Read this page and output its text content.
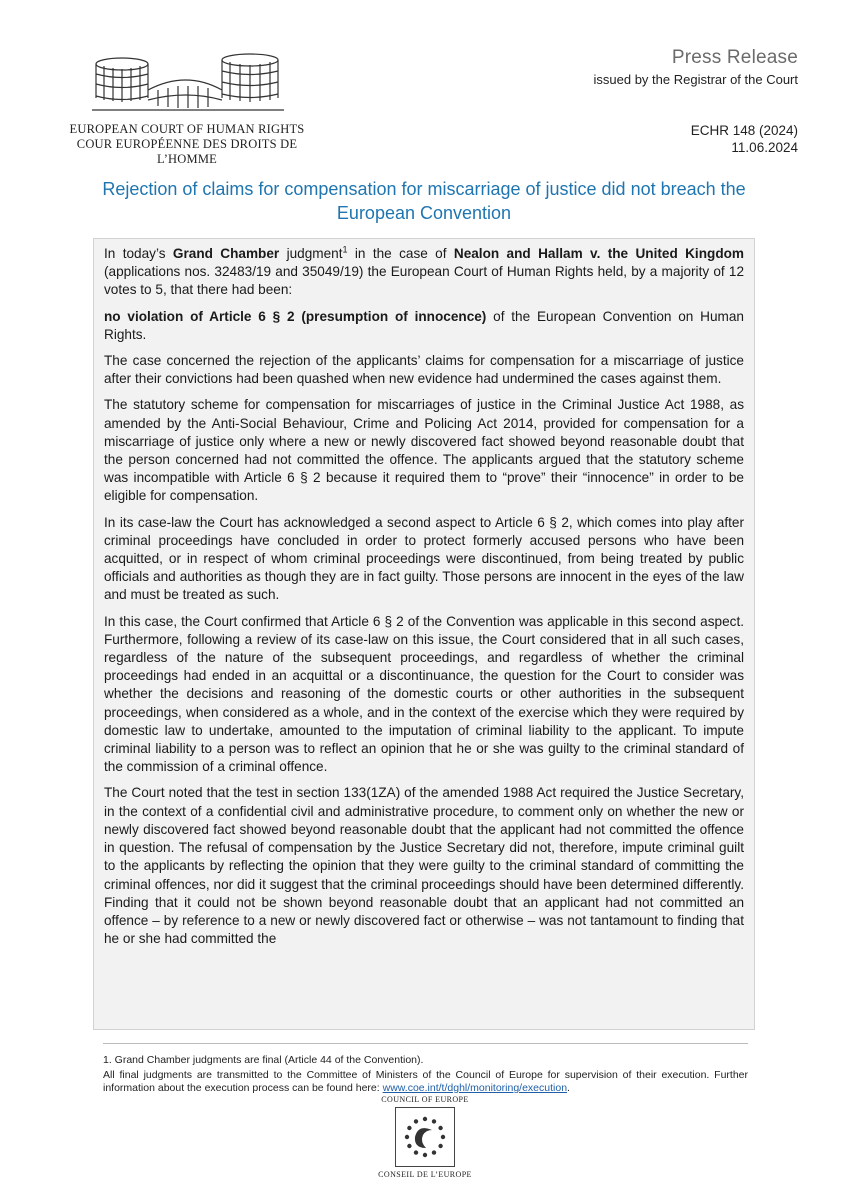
EUROPEAN COURT OF HUMAN RIGHTS
COUR EUROPÉENNE DES DROITS DE L’HOMME
Press Release
issued by the Registrar of the Court
ECHR 148 (2024)
11.06.2024
Rejection of claims for compensation for miscarriage of justice did not breach the European Convention

In today’s Grand Chamber judgment$^1$ in the case of Nealon and Hallam v. the United Kingdom (applications nos. 32483/19 and 35049/19) the European Court of Human Rights held, by a majority of 12 votes to 5, that there had been:

no violation of Article 6 § 2 (presumption of innocence) of the European Convention on Human Rights.

The case concerned the rejection of the applicants’ claims for compensation for a miscarriage of justice after their convictions had been quashed when new evidence had undermined the cases against them.

The statutory scheme for compensation for miscarriages of justice in the Criminal Justice Act 1988, as amended by the Anti-Social Behaviour, Crime and Policing Act 2014, provided for compensation for a miscarriage of justice only where a new or newly discovered fact showed beyond reasonable doubt that the person concerned had not committed the offence. The applicants argued that the statutory scheme was incompatible with Article 6 § 2 because it required them to “prove” their “innocence” in order to be eligible for compensation.

In its case-law the Court has acknowledged a second aspect to Article 6 § 2, which comes into play after criminal proceedings have concluded in order to protect formerly accused persons who have been acquitted, or in respect of whom criminal proceedings were discontinued, from being treated by public officials and authorities as though they are in fact guilty. Those persons are innocent in the eyes of the law and must be treated as such.

In this case, the Court confirmed that Article 6 § 2 of the Convention was applicable in this second aspect. Furthermore, following a review of its case-law on this issue, the Court considered that in all such cases, regardless of the nature of the subsequent proceedings, and regardless of whether the criminal proceedings had ended in an acquittal or a discontinuance, the question for the Court to consider was whether the decisions and reasoning of the domestic courts or other authorities in the subsequent proceedings, when considered as a whole, and in the context of the exercise which they were required by domestic law to undertake, amounted to the imputation of criminal liability to the applicant. To impute criminal liability to a person was to reflect an opinion that he or she was guilty to the criminal standard of the commission of a criminal offence.

The Court noted that the test in section 133(1ZA) of the amended 1988 Act required the Justice Secretary, in the context of a confidential civil and administrative procedure, to comment only on whether the new or newly discovered fact showed beyond reasonable doubt that the applicant had not committed the offence in question. The refusal of compensation by the Justice Secretary did not, therefore, impute criminal guilt to the applicants by reflecting the opinion that they were guilty to the criminal standard of committing the criminal offences, nor did it suggest that the criminal proceedings should have been determined differently. Finding that it could not be shown beyond reasonable doubt that an applicant had not committed an offence – by reference to a new or newly discovered fact or otherwise – was not tantamount to finding that he or she had committed the

1. Grand Chamber judgments are final (Article 44 of the Convention).

All final judgments are transmitted to the Committee of Ministers of the Council of Europe for supervision of their execution. Further information about the execution process can be found here: www.coe.int/t/dghl/monitoring/execution.

COUNCIL OF EUROPE
CONSEIL DE L’EUROPE
